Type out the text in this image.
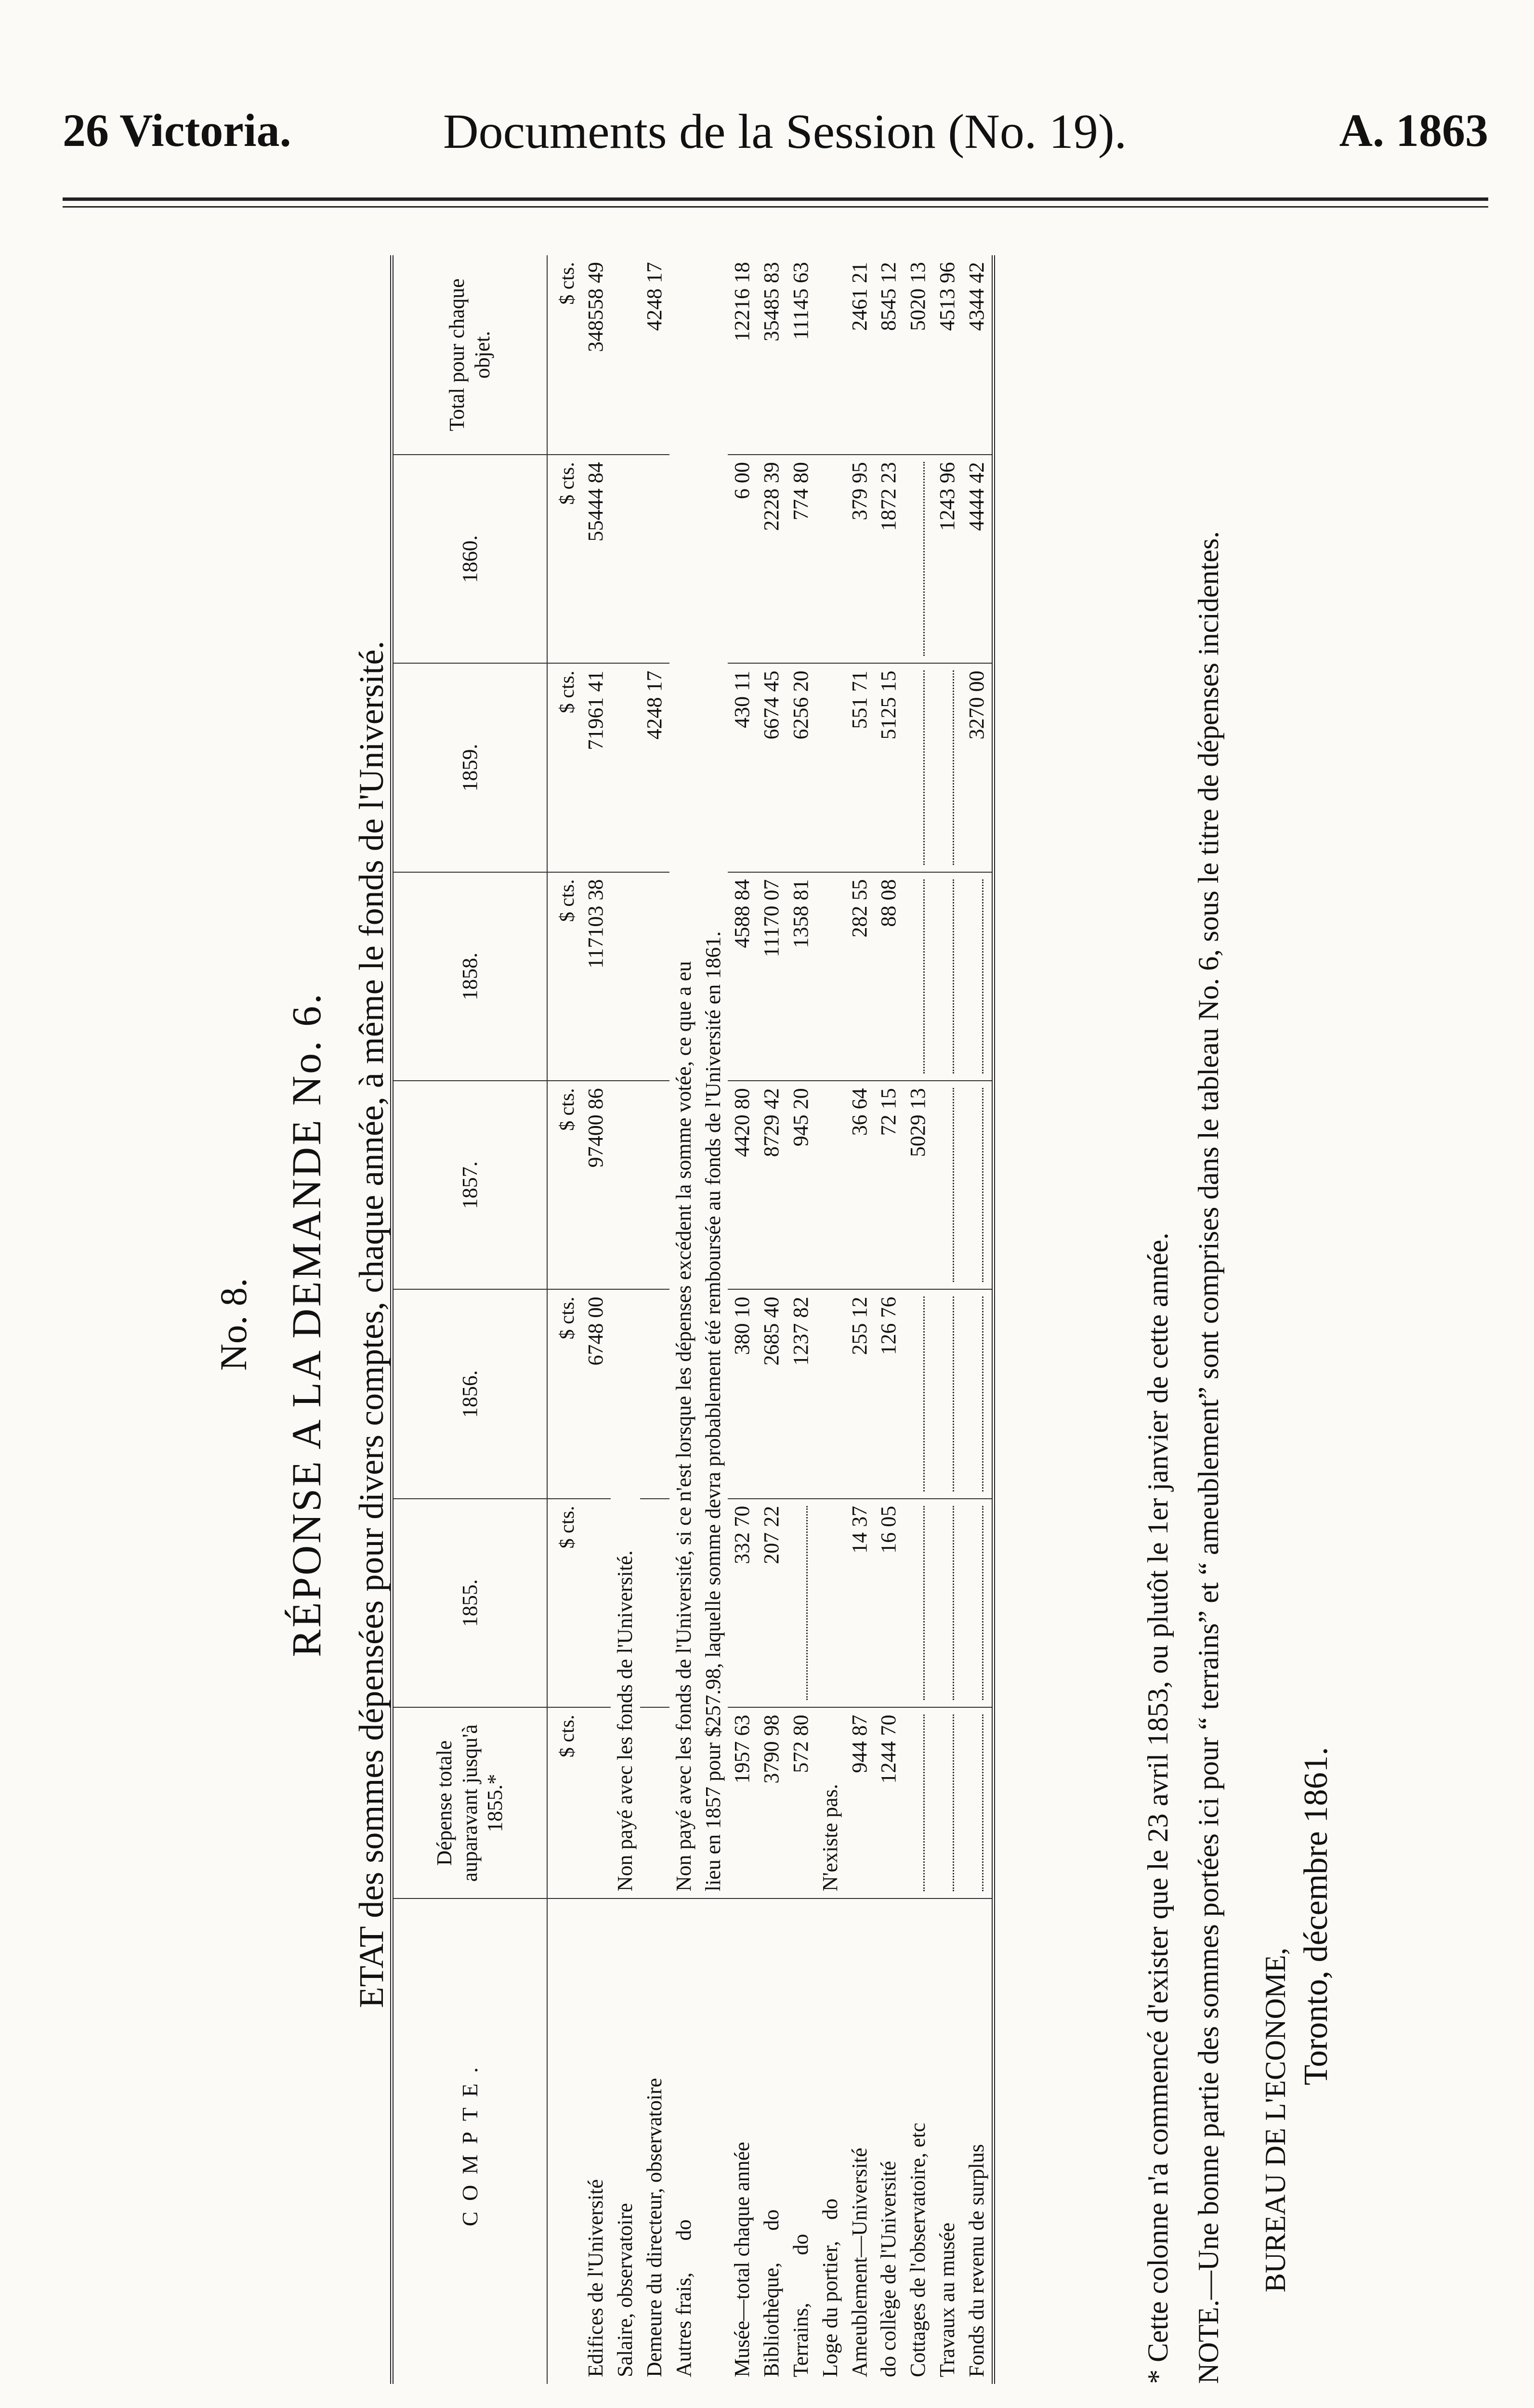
26 Victoria.	Documents de la Session (No. 19).	A. 1863
No. 8. RÉPONSE A LA DEMANDE No. 6. ETAT des sommes dépensées pour divers comptes, chaque année, à même le fonds de l'Université.
COMPTE.	Dépense totale auparavant jusqu'à 1855.*	1855.	1856.	1857.	1858.	1859.	1860.	Total pour chaque objet.
	$ cts.	$ cts.	$ cts.	$ cts.	$ cts.	$ cts.	$ cts.	$ cts.
Edifices de l'Université			6748 00	97400 86	117103 38	71961 41	55444 84	348558 49
Salaire, observatoire	Non payé avec les fonds de l'Université.							
Demeure du directeur, observatoire						4248 17		4248 17
Autres frais,      do	Non payé avec les fonds de l'Université, si ce n'est lorsque les dépenses excédent la somme votée, ce que a eu							
	lieu en 1857 pour $257.98, laquelle somme devra probablement été remboursée au fonds de l'Université en 1861.							
Musée—total chaque année	1957 63	332 70	380 10	4420 80	4588 84	430 11	6 00	12216 18
Bibliothèque,      do	3790 98	207 22	2685 40	8729 42	11170 07	6674 45	2228 39	35485 83
Terrains,         do	572 80		1237 82	945 20	1358 81	6256 20	774 80	11145 63
Loge du portier,    do	N'existe pas.							
Ameublement—Université	944 87	14 37	255 12	36 64	282 55	551 71	379 95	2461 21
do collège de l'Université	1244 70	16 05	126 76	72 15	88 08	5125 15	1872 23	8545 12
Cottages de l'observatoire, etc				5029 13				5020 13
Travaux au musée							1243 96	4513 96
Fonds du revenu de surplus						3270 00	4444 42	4344 42

* Cette colonne n'a commencé d'exister que le 23 avril 1853, ou plutôt le 1er janvier de cette année. NOTE.—Une bonne partie des sommes portées ici pour “ terrains” et “ ameublement” sont comprises dans le tableau No. 6, sous le titre de dépenses incidentes. BUREAU DE L'ECONOME,
Toronto, décembre 1861.
